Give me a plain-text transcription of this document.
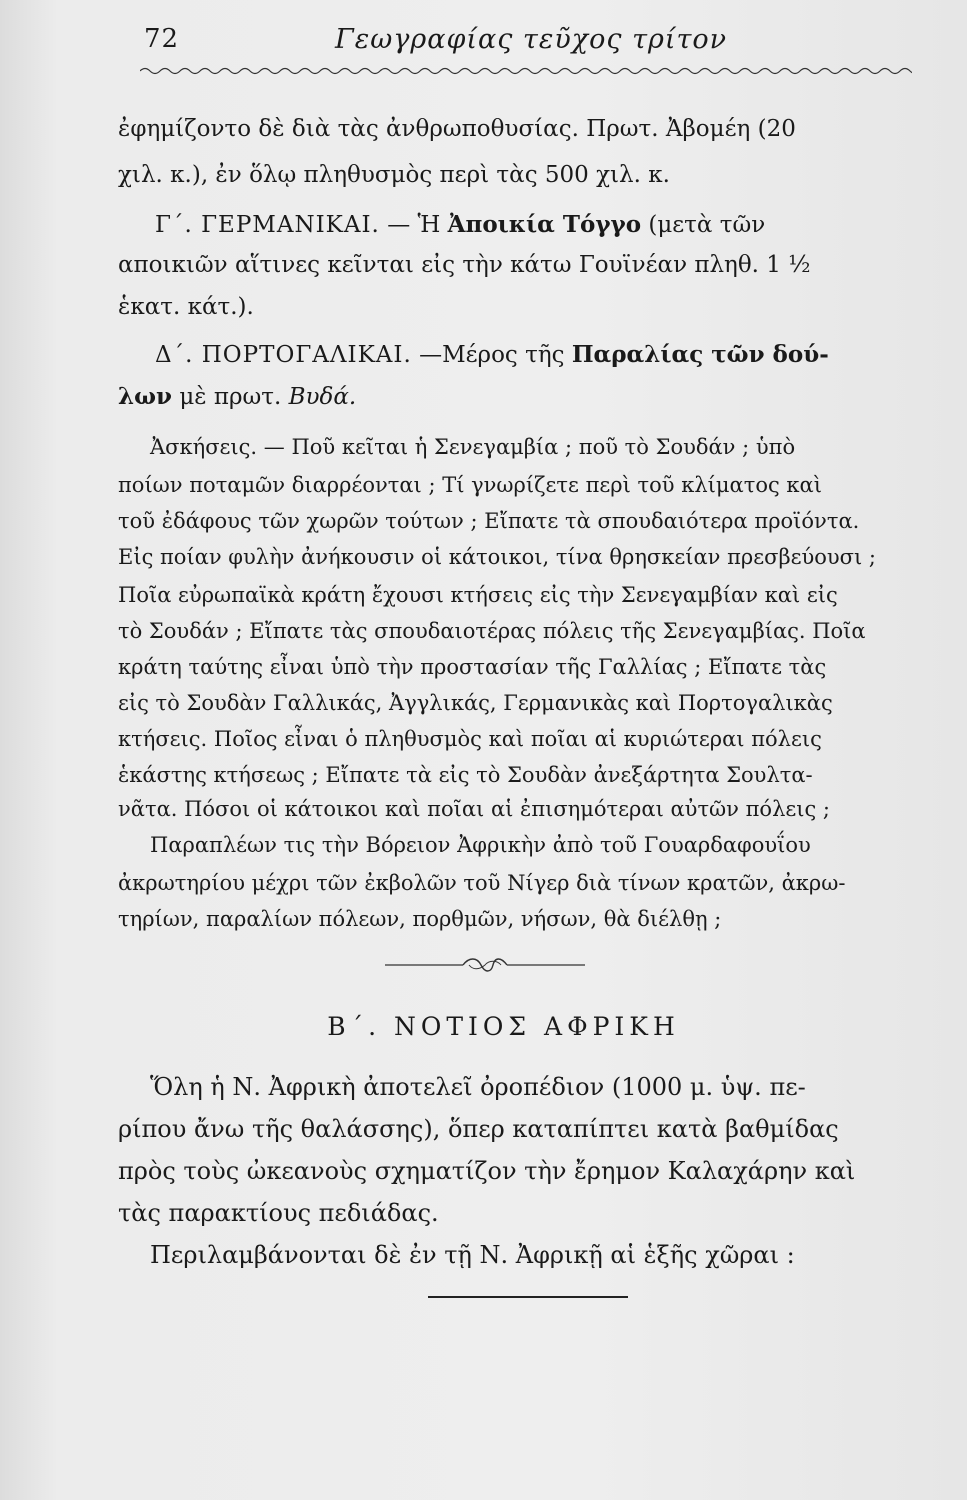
72	Γεωγραφίας τεῦχος τρίτον
ἐφημίζοντο δὲ διὰ τὰς ἀνθρωποθυσίας. Πρωτ. Ἀβομέη (20
χιλ. κ.), ἐν ὅλῳ πληθυσμὸς περὶ τὰς 500 χιλ. κ.
Γ΄. ΓΕΡΜΑΝΙΚΑΙ. — Ἡ Ἀποικία Τόγγο (μετὰ τῶν
αποικιῶν αἵτινες κεῖνται εἰς τὴν κάτω Γουϊνέαν πληθ. 1 ½
ἑκατ. κάτ.).
Δ΄. ΠΟΡΤΟΓΑΛΙΚΑΙ. —Μέρος τῆς Παραλίας τῶν δού-
λων μὲ πρωτ. Βυδά.
Ἀσκήσεις. — Ποῦ κεῖται ἡ Σενεγαμβία ; ποῦ τὸ Σουδάν ; ὑπὸ
ποίων ποταμῶν διαρρέονται ; Τί γνωρίζετε περὶ τοῦ κλίματος καὶ
τοῦ ἐδάφους τῶν χωρῶν τούτων ; Εἴπατε τὰ σπουδαιότερα προϊόντα.
Εἰς ποίαν φυλὴν ἀνήκουσιν οἱ κάτοικοι, τίνα θρησκείαν πρεσβεύουσι ;
Ποῖα εὐρωπαϊκὰ κράτη ἔχουσι κτήσεις εἰς τὴν Σενεγαμβίαν καὶ εἰς
τὸ Σουδάν ; Εἴπατε τὰς σπουδαιοτέρας πόλεις τῆς Σενεγαμβίας. Ποῖα
κράτη ταύτης εἶναι ὑπὸ τὴν προστασίαν τῆς Γαλλίας ; Εἴπατε τὰς
εἰς τὸ Σουδὰν Γαλλικάς, Ἀγγλικάς, Γερμανικὰς καὶ Πορτογαλικὰς
κτήσεις. Ποῖος εἶναι ὁ πληθυσμὸς καὶ ποῖαι αἱ κυριώτεραι πόλεις
ἑκάστης κτήσεως ; Εἴπατε τὰ εἰς τὸ Σουδὰν ἀνεξάρτητα Σουλτα-
νᾶτα. Πόσοι οἱ κάτοικοι καὶ ποῖαι αἱ ἐπισημότεραι αὐτῶν πόλεις ;
Παραπλέων τις τὴν Βόρειον Ἀφρικὴν ἀπὸ τοῦ Γουαρδαφουΐου
ἀκρωτηρίου μέχρι τῶν ἐκβολῶν τοῦ Νίγερ διὰ τίνων κρατῶν, ἀκρω-
τηρίων, παραλίων πόλεων, πορθμῶν, νήσων, θὰ διέλθῃ ;
Β΄. ΝΟΤΙΟΣ ΑΦΡΙΚΗ
Ὅλη ἡ Ν. Ἀφρικὴ ἀποτελεῖ ὀροπέδιον (1000 μ. ὑψ. πε-
ρίπου ἄνω τῆς θαλάσσης), ὅπερ καταπίπτει κατὰ βαθμίδας
πρὸς τοὺς ὠκεανοὺς σχηματίζον τὴν ἔρημον Καλαχάρην καὶ
τὰς παρακτίους πεδιάδας.
Περιλαμβάνονται δὲ ἐν τῇ Ν. Ἀφρικῇ αἱ ἑξῆς χῶραι :
